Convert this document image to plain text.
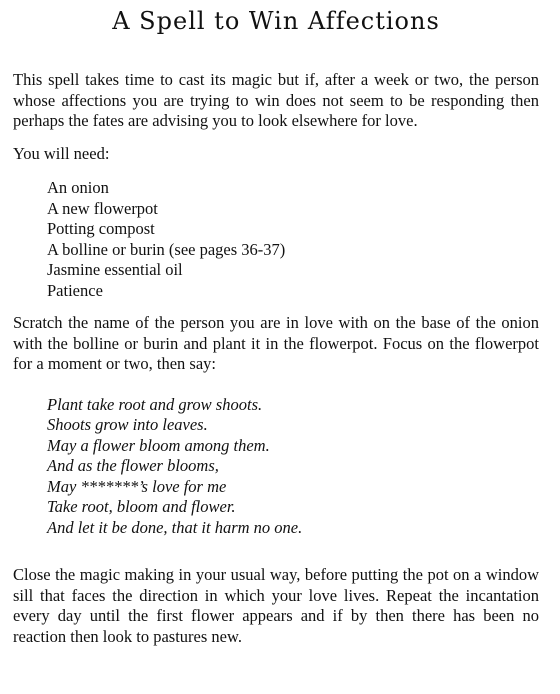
A Spell to Win Affections

This spell takes time to cast its magic but if, after a week or two, the person whose affections you are trying to win does not seem to be responding then perhaps the fates are advising you to look elsewhere for love.

You will need:

An onion
A new flowerpot
Potting compost
A bolline or burin (see pages 36-37)
Jasmine essential oil
Patience

Scratch the name of the person you are in love with on the base of the onion with the bolline or burin and plant it in the flowerpot. Focus on the flowerpot for a moment or two, then say:

Plant take root and grow shoots.
Shoots grow into leaves.
May a flower bloom among them.
And as the flower blooms,
May *******’s love for me
Take root, bloom and flower.
And let it be done, that it harm no one.

Close the magic making in your usual way, before putting the pot on a window sill that faces the direction in which your love lives. Repeat the incantation every day until the first flower appears and if by then there has been no reaction then look to pastures new.
